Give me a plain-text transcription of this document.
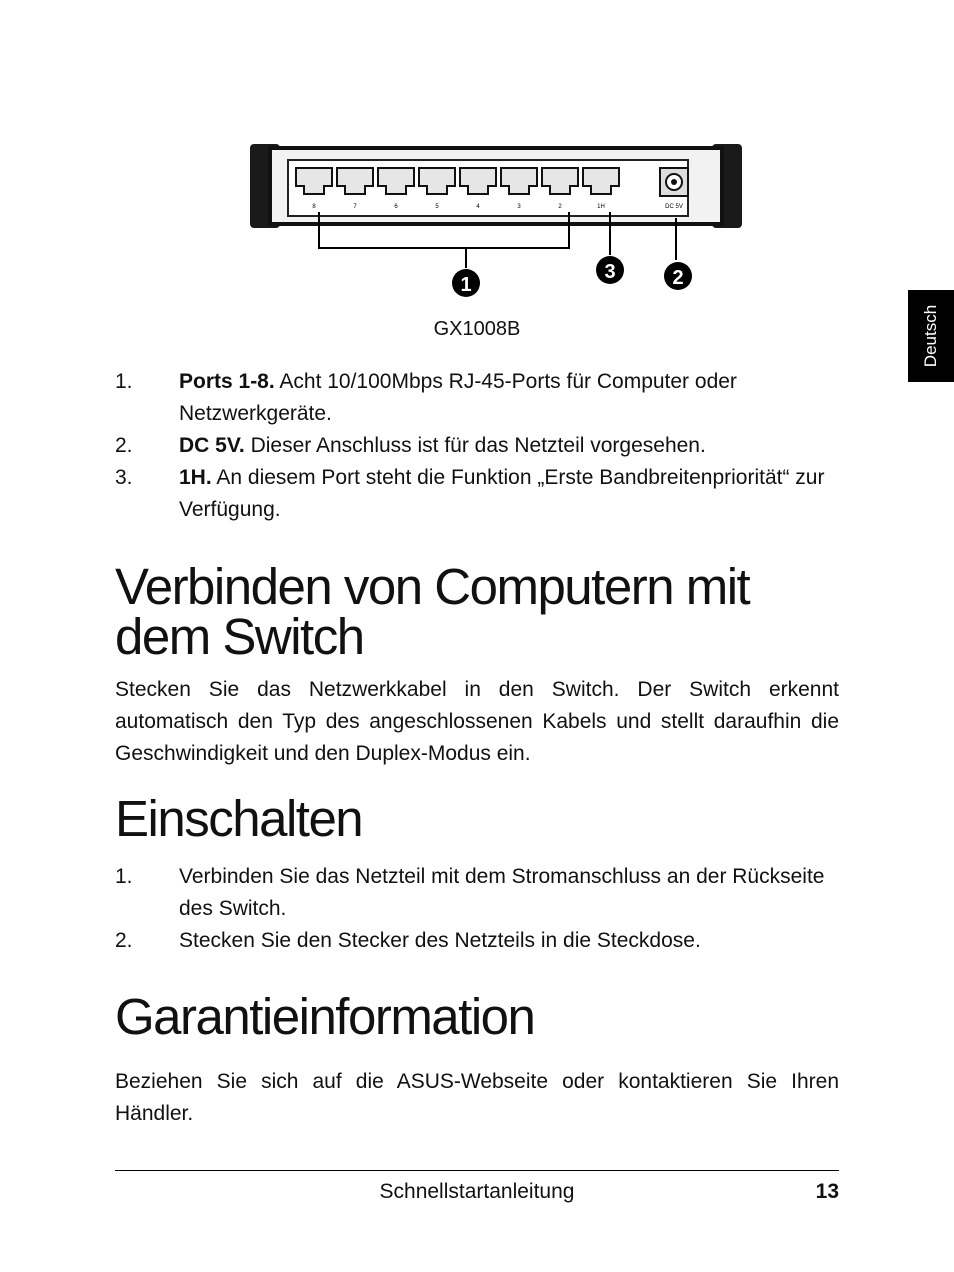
DC 5V
8	7	6	5	4	3	2	1H
1
3	2
GX1008B	Deutsch
1. Ports 1-8. Acht 10/100Mbps RJ-45-Ports für Computer oder Netzwerkgeräte.
2. DC 5V. Dieser Anschluss ist für das Netzteil vorgesehen.
3. 1H. An diesem Port steht die Funktion „Erste Bandbreitenpriorität“ zur Verfügung.
Verbinden von Computern mit dem Switch

Stecken Sie das Netzwerkkabel in den Switch. Der Switch erkennt automatisch den Typ des angeschlossenen Kabels und stellt daraufhin die Geschwindigkeit und den Duplex-Modus ein.

Einschalten
1. Verbinden Sie das Netzteil mit dem Stromanschluss an der Rückseite des Switch.
2. Stecken Sie den Stecker des Netzteils in die Steckdose.
Garantieinformation

Beziehen Sie sich auf die ASUS-Webseite oder kontaktieren Sie Ihren Händler.

Schnellstartanleitung	13
